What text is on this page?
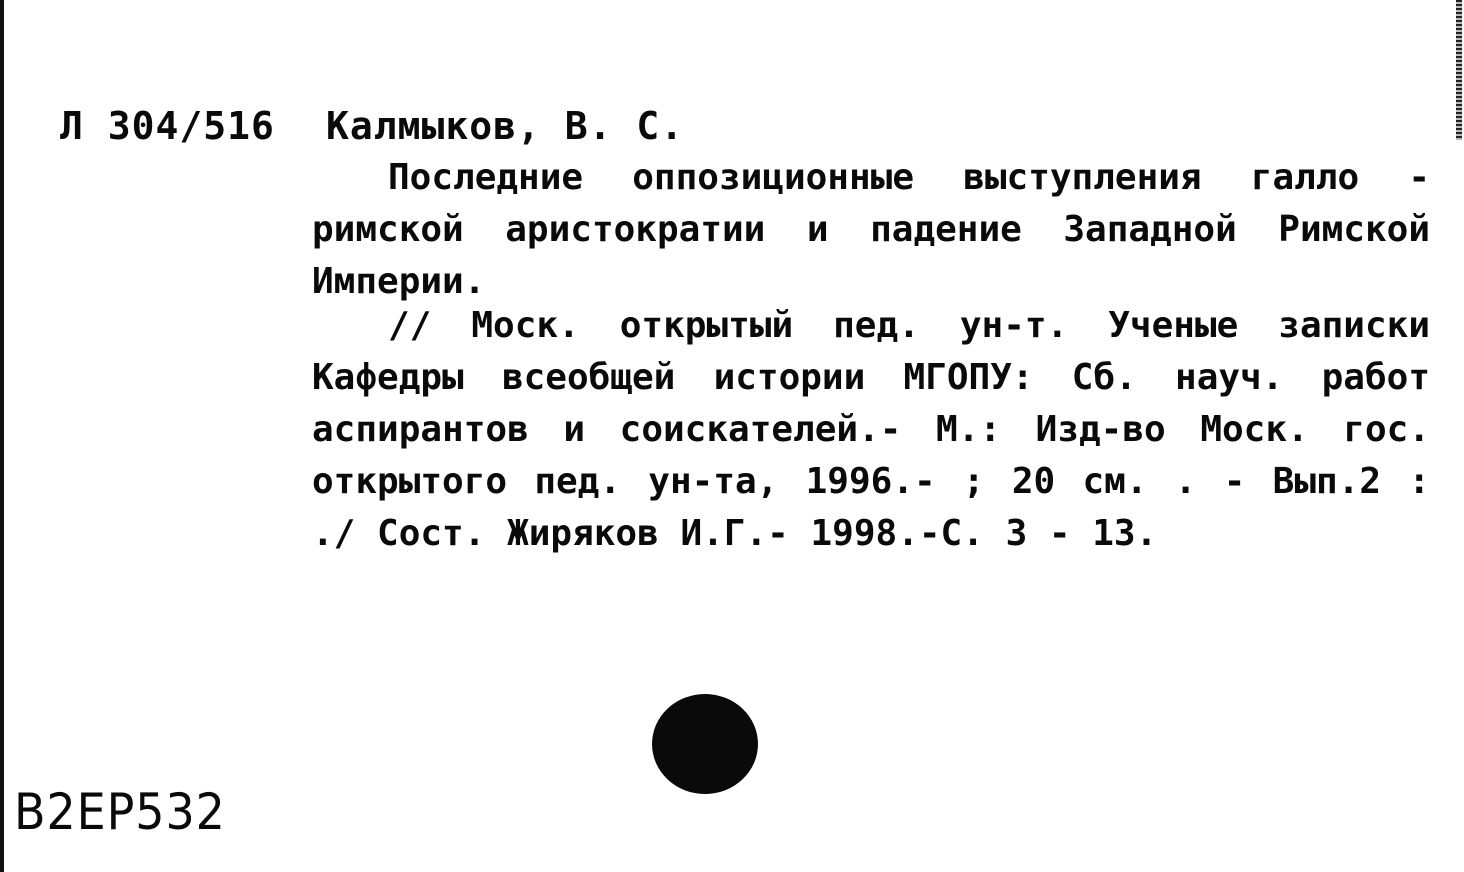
Л 304/516 Калмыков, В. С.
Последние оппозиционные выступления галло - римской аристократии и падение Западной Римской Империи.
// Моск. открытый пед. ун-т. Ученые записки Кафедры всеобщей истории МГОПУ: Сб. науч. работ аспирантов и соискателей.- М.: Изд-во Моск. гос. открытого пед. ун-та, 1996.- ; 20 см. . - Вып.2 : ./ Сост. Жиряков И.Г.- 1998.-С. 3 - 13.
В2ЕР532
